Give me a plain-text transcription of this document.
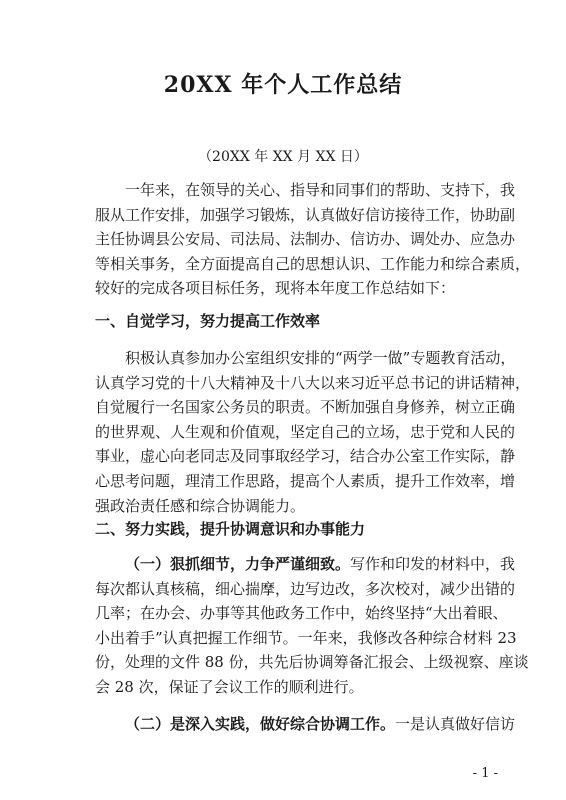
20XX 年个人工作总结
（20XX 年 XX 月 XX 日）
一年来，在领导的关心、指导和同事们的帮助、支持下，我
服从工作安排，加强学习锻炼，认真做好信访接待工作，协助副
主任协调县公安局、司法局、法制办、信访办、调处办、应急办
等相关事务，全方面提高自己的思想认识、工作能力和综合素质，
较好的完成各项目标任务，现将本年度工作总结如下：
一、自觉学习，努力提高工作效率
积极认真参加办公室组织安排的“两学一做”专题教育活动，
认真学习党的十八大精神及十八大以来习近平总书记的讲话精神，
自觉履行一名国家公务员的职责。不断加强自身修养，树立正确
的世界观、人生观和价值观，坚定自己的立场，忠于党和人民的
事业，虚心向老同志及同事取经学习，结合办公室工作实际，静
心思考问题，理清工作思路，提高个人素质，提升工作效率，增
强政治责任感和综合协调能力。
二、努力实践，提升协调意识和办事能力
（一）狠抓细节，力争严谨细致。写作和印发的材料中，我
每次都认真核稿，细心揣摩，边写边改，多次校对，减少出错的
几率；在办会、办事等其他政务工作中，始终坚持“大出着眼、
小出着手”认真把握工作细节。一年来，我修改各种综合材料 23
份，处理的文件 88 份，共先后协调筹备汇报会、上级视察、座谈
会 28 次，保证了会议工作的顺利进行。
（二）是深入实践，做好综合协调工作。一是认真做好信访
- 1 -
